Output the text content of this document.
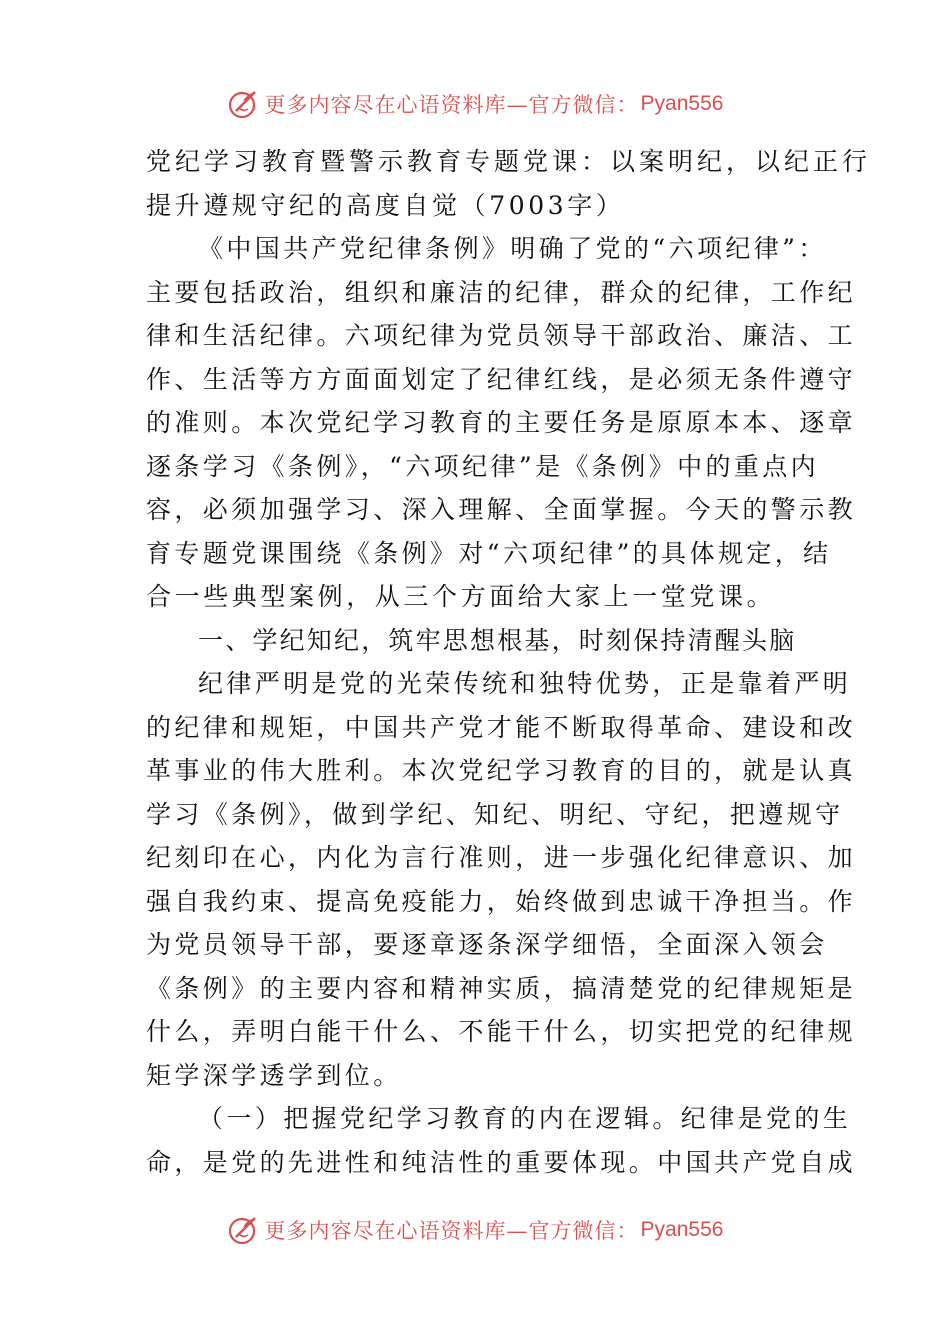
更多内容尽在心语资料库—官方微信： Pyan556
党纪学习教育暨警示教育专题党课：以案明纪，以纪正行
提升遵规守纪的高度自觉（7003字）
《中国共产党纪律条例》明确了党的“六项纪律”：
主要包括政治，组织和廉洁的纪律，群众的纪律，工作纪
律和生活纪律。六项纪律为党员领导干部政治、廉洁、工
作、生活等方方面面划定了纪律红线，是必须无条件遵守
的准则。本次党纪学习教育的主要任务是原原本本、逐章
逐条学习《条例》，“六项纪律”是《条例》中的重点内
容，必须加强学习、深入理解、全面掌握。今天的警示教
育专题党课围绕《条例》对“六项纪律”的具体规定，结
合一些典型案例，从三个方面给大家上一堂党课。
一、学纪知纪，筑牢思想根基，时刻保持清醒头脑
纪律严明是党的光荣传统和独特优势，正是靠着严明
的纪律和规矩，中国共产党才能不断取得革命、建设和改
革事业的伟大胜利。本次党纪学习教育的目的，就是认真
学习《条例》，做到学纪、知纪、明纪、守纪，把遵规守
纪刻印在心，内化为言行准则，进一步强化纪律意识、加
强自我约束、提高免疫能力，始终做到忠诚干净担当。作
为党员领导干部，要逐章逐条深学细悟，全面深入领会
《条例》的主要内容和精神实质，搞清楚党的纪律规矩是
什么，弄明白能干什么、不能干什么，切实把党的纪律规
矩学深学透学到位。
（一）把握党纪学习教育的内在逻辑。纪律是党的生
命，是党的先进性和纯洁性的重要体现。中国共产党自成
更多内容尽在心语资料库—官方微信： Pyan556
